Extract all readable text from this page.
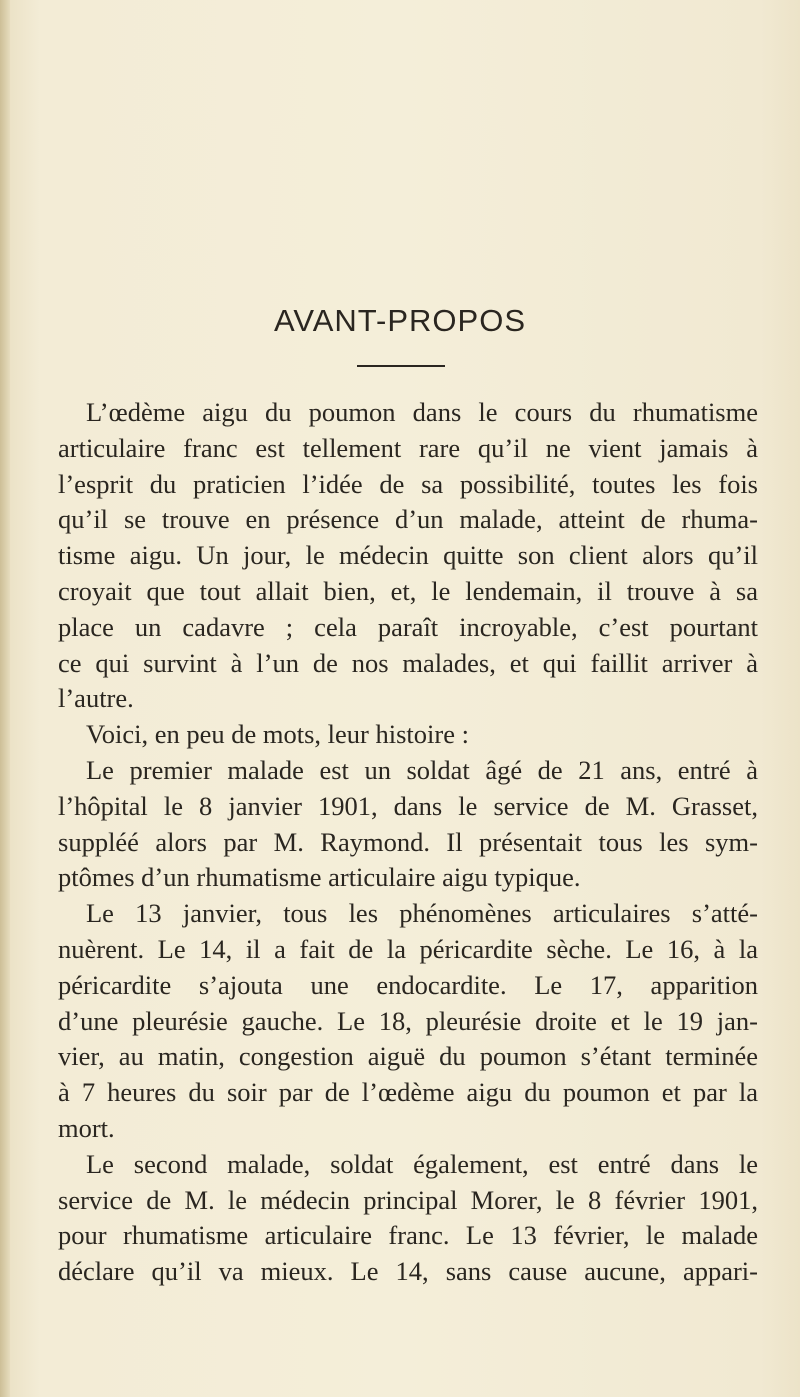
AVANT-PROPOS
L’œdème aigu du poumon dans le cours du rhumatisme
articulaire franc est tellement rare qu’il ne vient jamais à
l’esprit du praticien l’idée de sa possibilité, toutes les fois
qu’il se trouve en présence d’un malade, atteint de rhuma-
tisme aigu. Un jour, le médecin quitte son client alors qu’il
croyait que tout allait bien, et, le lendemain, il trouve à sa
place un cadavre ; cela paraît incroyable, c’est pourtant
ce qui survint à l’un de nos malades, et qui faillit arriver à
l’autre.
Voici, en peu de mots, leur histoire :
Le premier malade est un soldat âgé de 21 ans, entré à
l’hôpital le 8 janvier 1901, dans le service de M. Grasset,
suppléé alors par M. Raymond. Il présentait tous les sym-
ptômes d’un rhumatisme articulaire aigu typique.
Le 13 janvier, tous les phénomènes articulaires s’atté-
nuèrent. Le 14, il a fait de la péricardite sèche. Le 16, à la
péricardite s’ajouta une endocardite. Le 17, apparition
d’une pleurésie gauche. Le 18, pleurésie droite et le 19 jan-
vier, au matin, congestion aiguë du poumon s’étant terminée
à 7 heures du soir par de l’œdème aigu du poumon et par la
mort.
Le second malade, soldat également, est entré dans le
service de M. le médecin principal Morer, le 8 février 1901,
pour rhumatisme articulaire franc. Le 13 février, le malade
déclare qu’il va mieux. Le 14, sans cause aucune, appari-
